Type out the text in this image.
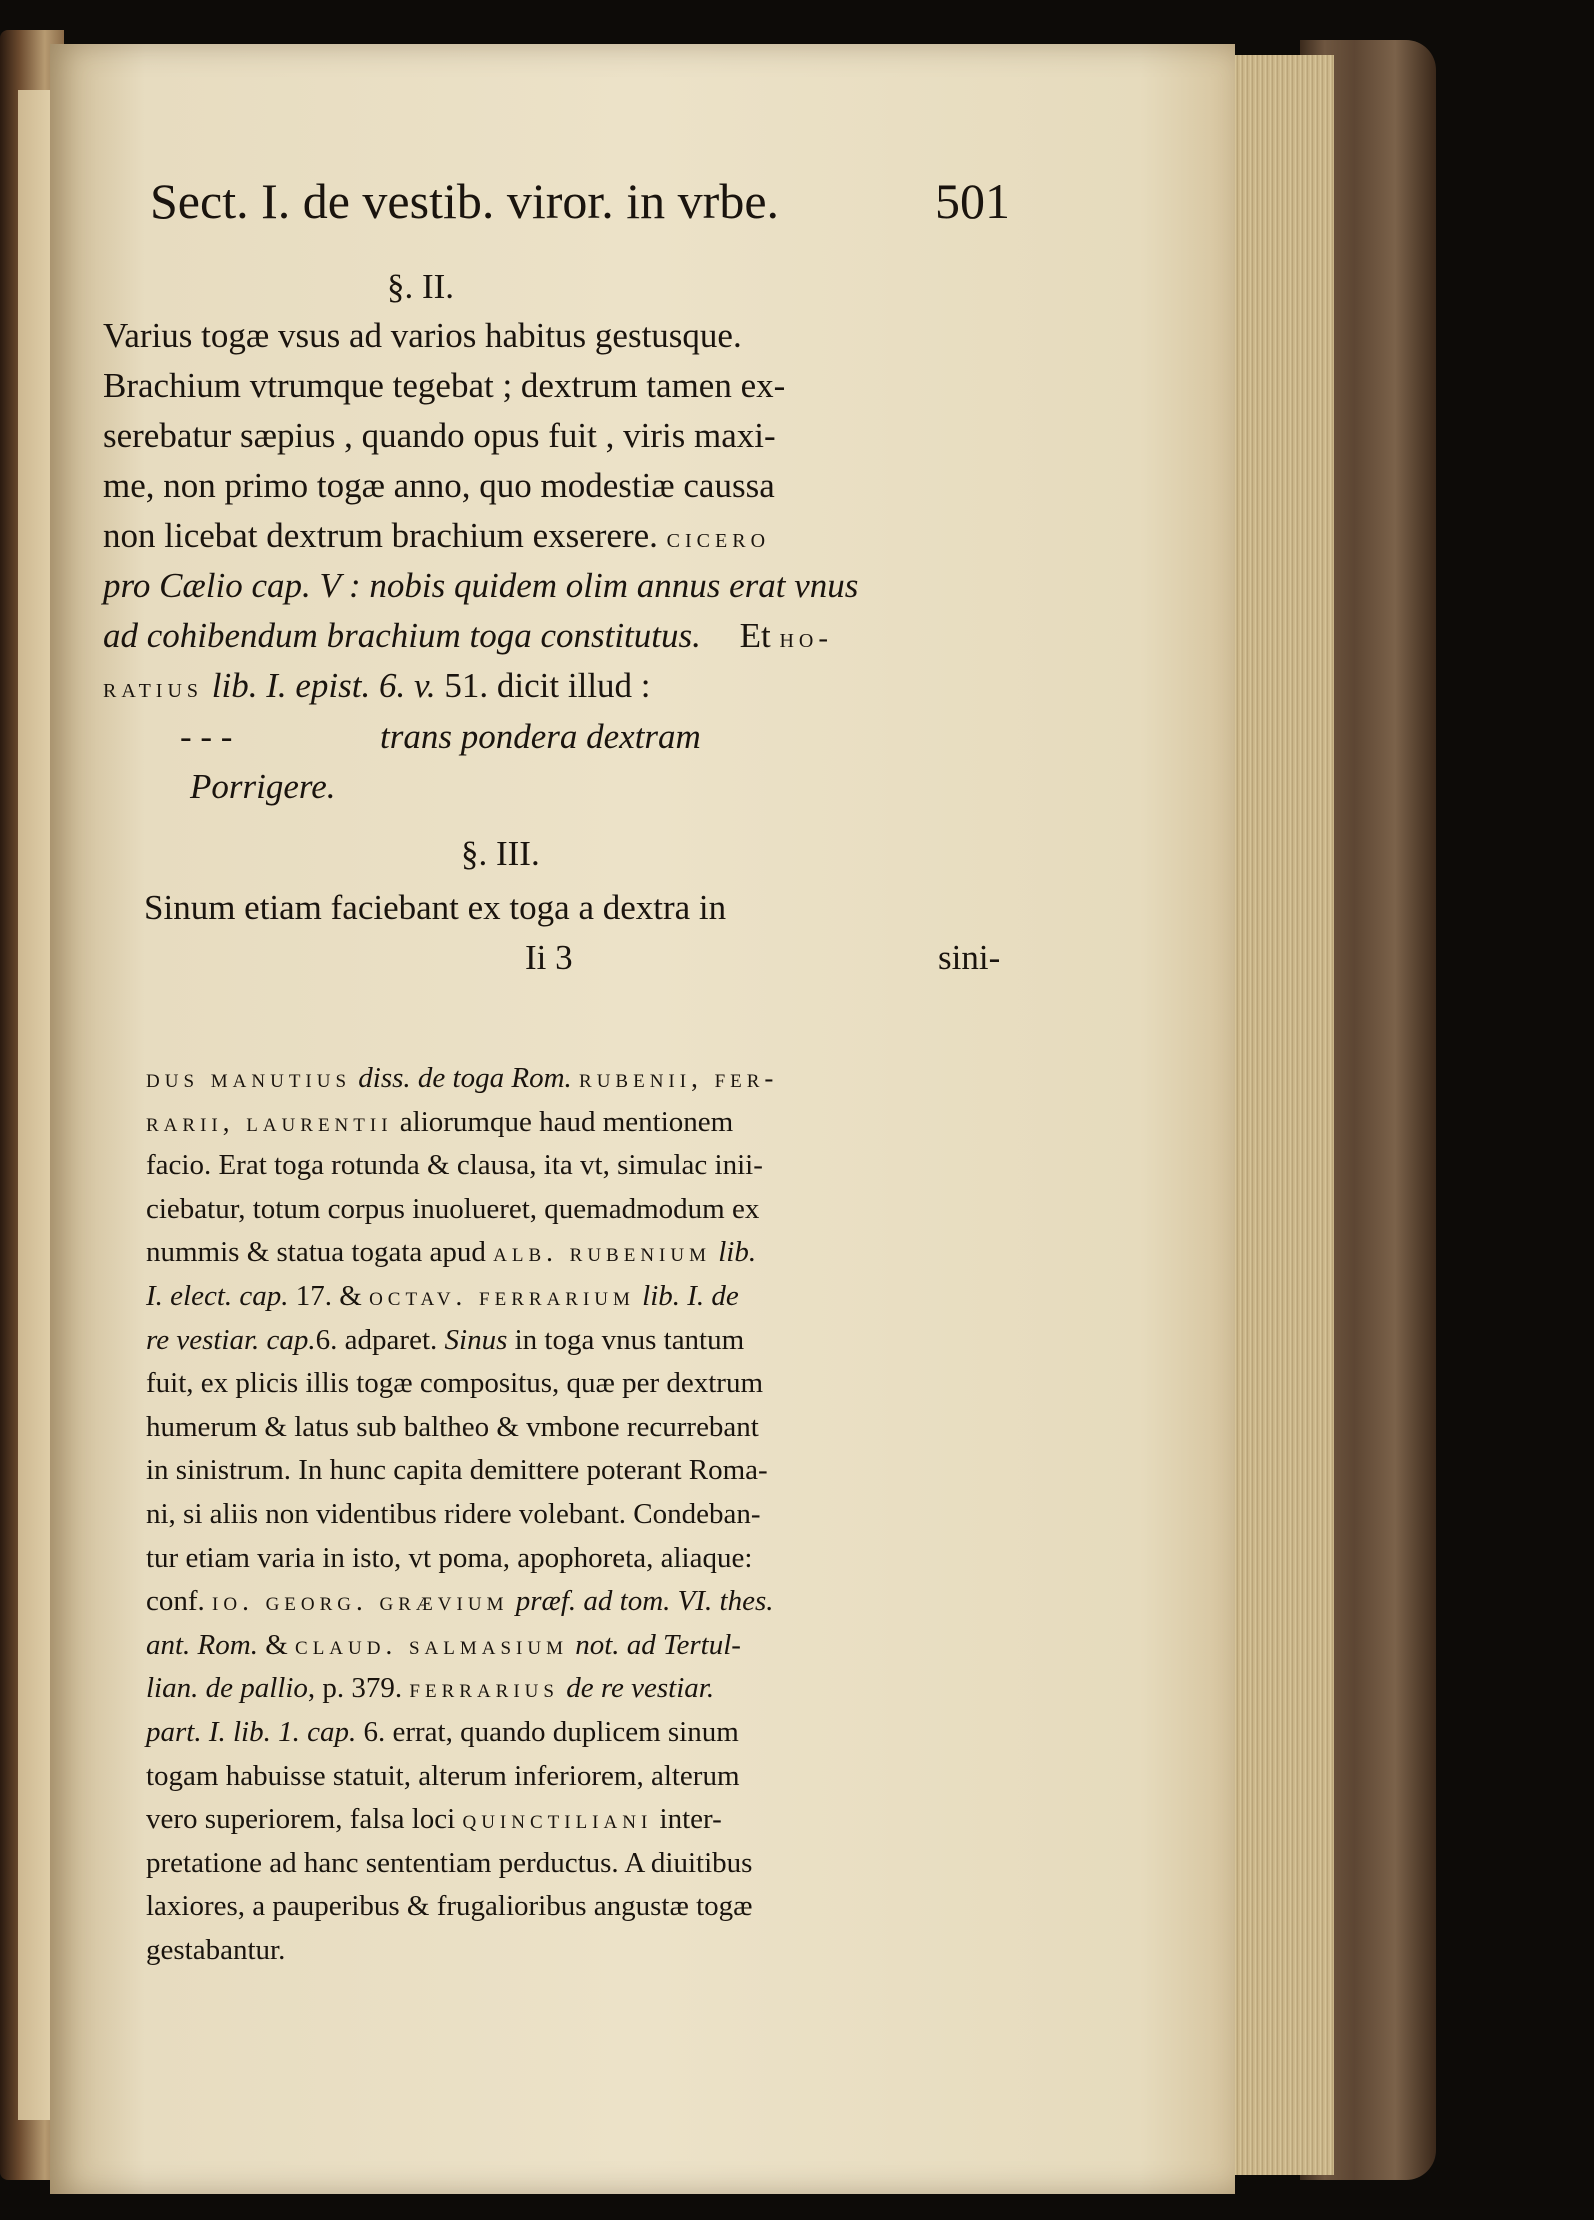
Sect. I. de vestib. viror. in vrbe.	501
§. II.
Varius togæ vsus ad varios habitus gestusque.
Brachium vtrumque tegebat ; dextrum tamen ex-
serebatur sæpius , quando opus fuit , viris maxi-
me, non primo togæ anno, quo modestiæ caussa
non licebat dextrum brachium exserere. cicero
pro Cælio cap. V : nobis quidem olim annus erat vnus
ad cohibendum brachium toga constitutus. Et ho-
ratius lib. I. epist. 6. v. 51. dicit illud :
- - -	trans pondera dextram
Porrigere.
§. III.
Sinum etiam faciebant ex toga a dextra in
Ii 3	sini-
dus manutius diss. de toga Rom. rubenii, fer-
rarii, laurentii aliorumque haud mentionem
facio. Erat toga rotunda & clausa, ita vt, simulac inii-
ciebatur, totum corpus inuolueret, quemadmodum ex
nummis & statua togata apud alb. rubenium lib.
I. elect. cap. 17. & octav. ferrarium lib. I. de
re vestiar. cap.6. adparet. Sinus in toga vnus tantum
fuit, ex plicis illis togæ compositus, quæ per dextrum
humerum & latus sub baltheo & vmbone recurrebant
in sinistrum. In hunc capita demittere poterant Roma-
ni, si aliis non videntibus ridere volebant. Condeban-
tur etiam varia in isto, vt poma, apophoreta, aliaque:
conf. io. georg. grævium præf. ad tom. VI. thes.
ant. Rom. & claud. salmasium not. ad Tertul-
lian. de pallio, p. 379. ferrarius de re vestiar.
part. I. lib. 1. cap. 6. errat, quando duplicem sinum
togam habuisse statuit, alterum inferiorem, alterum
vero superiorem, falsa loci quinctiliani inter-
pretatione ad hanc sententiam perductus. A diuitibus
laxiores, a pauperibus & frugalioribus angustæ togæ
gestabantur.
